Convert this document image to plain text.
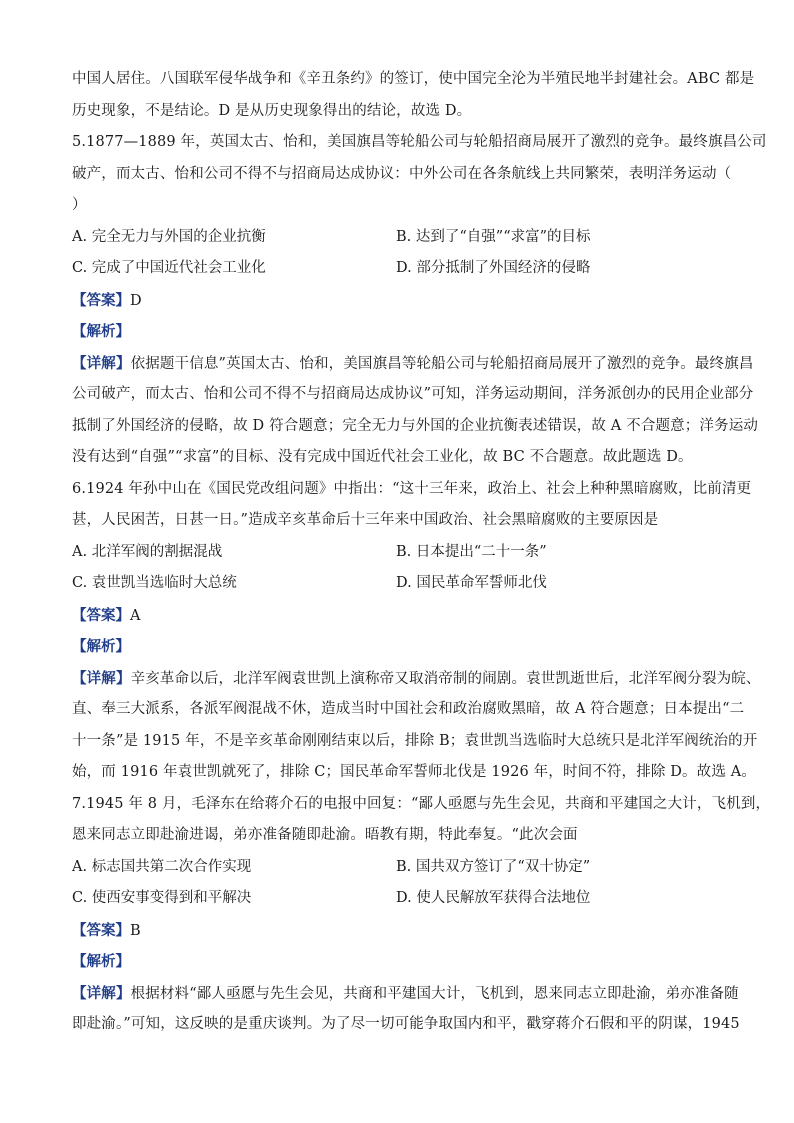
中国人居住。八国联军侵华战争和《辛丑条约》的签订，使中国完全沦为半殖民地半封建社会。ABC 都是
历史现象，不是结论。D 是从历史现象得出的结论，故选 D。
5.1877—1889 年，英国太古、怡和，美国旗昌等轮船公司与轮船招商局展开了激烈的竞争。最终旗昌公司
破产，而太古、怡和公司不得不与招商局达成协议：中外公司在各条航线上共同繁荣，表明洋务运动（
）
A. 完全无力与外国的企业抗衡	B. 达到了“自强”“求富”的目标
C. 完成了中国近代社会工业化	D. 部分抵制了外国经济的侵略
【答案】D
【解析】
【详解】依据题干信息”英国太古、怡和，美国旗昌等轮船公司与轮船招商局展开了激烈的竞争。最终旗昌
公司破产，而太古、怡和公司不得不与招商局达成协议”可知，洋务运动期间，洋务派创办的民用企业部分
抵制了外国经济的侵略，故 D 符合题意；完全无力与外国的企业抗衡表述错误，故 A 不合题意；洋务运动
没有达到“自强”“求富”的目标、没有完成中国近代社会工业化，故 BC 不合题意。故此题选 D。
6.1924 年孙中山在《国民党改组问题》中指出：“这十三年来，政治上、社会上种种黑暗腐败，比前清更
甚，人民困苦，日甚一日。”造成辛亥革命后十三年来中国政治、社会黑暗腐败的主要原因是
A. 北洋军阀的割据混战	B. 日本提出“二十一条”
C. 袁世凯当选临时大总统	D. 国民革命军誓师北伐
【答案】A
【解析】
【详解】辛亥革命以后，北洋军阀袁世凯上演称帝又取消帝制的闹剧。袁世凯逝世后，北洋军阀分裂为皖、
直、奉三大派系，各派军阀混战不休，造成当时中国社会和政治腐败黑暗，故 A 符合题意；日本提出“二
十一条”是 1915 年，不是辛亥革命刚刚结束以后，排除 B；袁世凯当选临时大总统只是北洋军阀统治的开
始，而 1916 年袁世凯就死了，排除 C；国民革命军誓师北伐是 1926 年，时间不符，排除 D。故选 A。
7.1945 年 8 月，毛泽东在给蒋介石的电报中回复：“鄙人亟愿与先生会见，共商和平建国之大计，飞机到，
恩来同志立即赴渝进谒，弟亦准备随即赴渝。晤教有期，特此奉复。“此次会面
A. 标志国共第二次合作实现	B. 国共双方签订了“双十协定”
C. 使西安事变得到和平解决	D. 使人民解放军获得合法地位
【答案】B
【解析】
【详解】根据材料“鄙人亟愿与先生会见，共商和平建国大计，飞机到，恩来同志立即赴渝，弟亦准备随
即赴渝。”可知，这反映的是重庆谈判。为了尽一切可能争取国内和平，戳穿蒋介石假和平的阴谋，1945
